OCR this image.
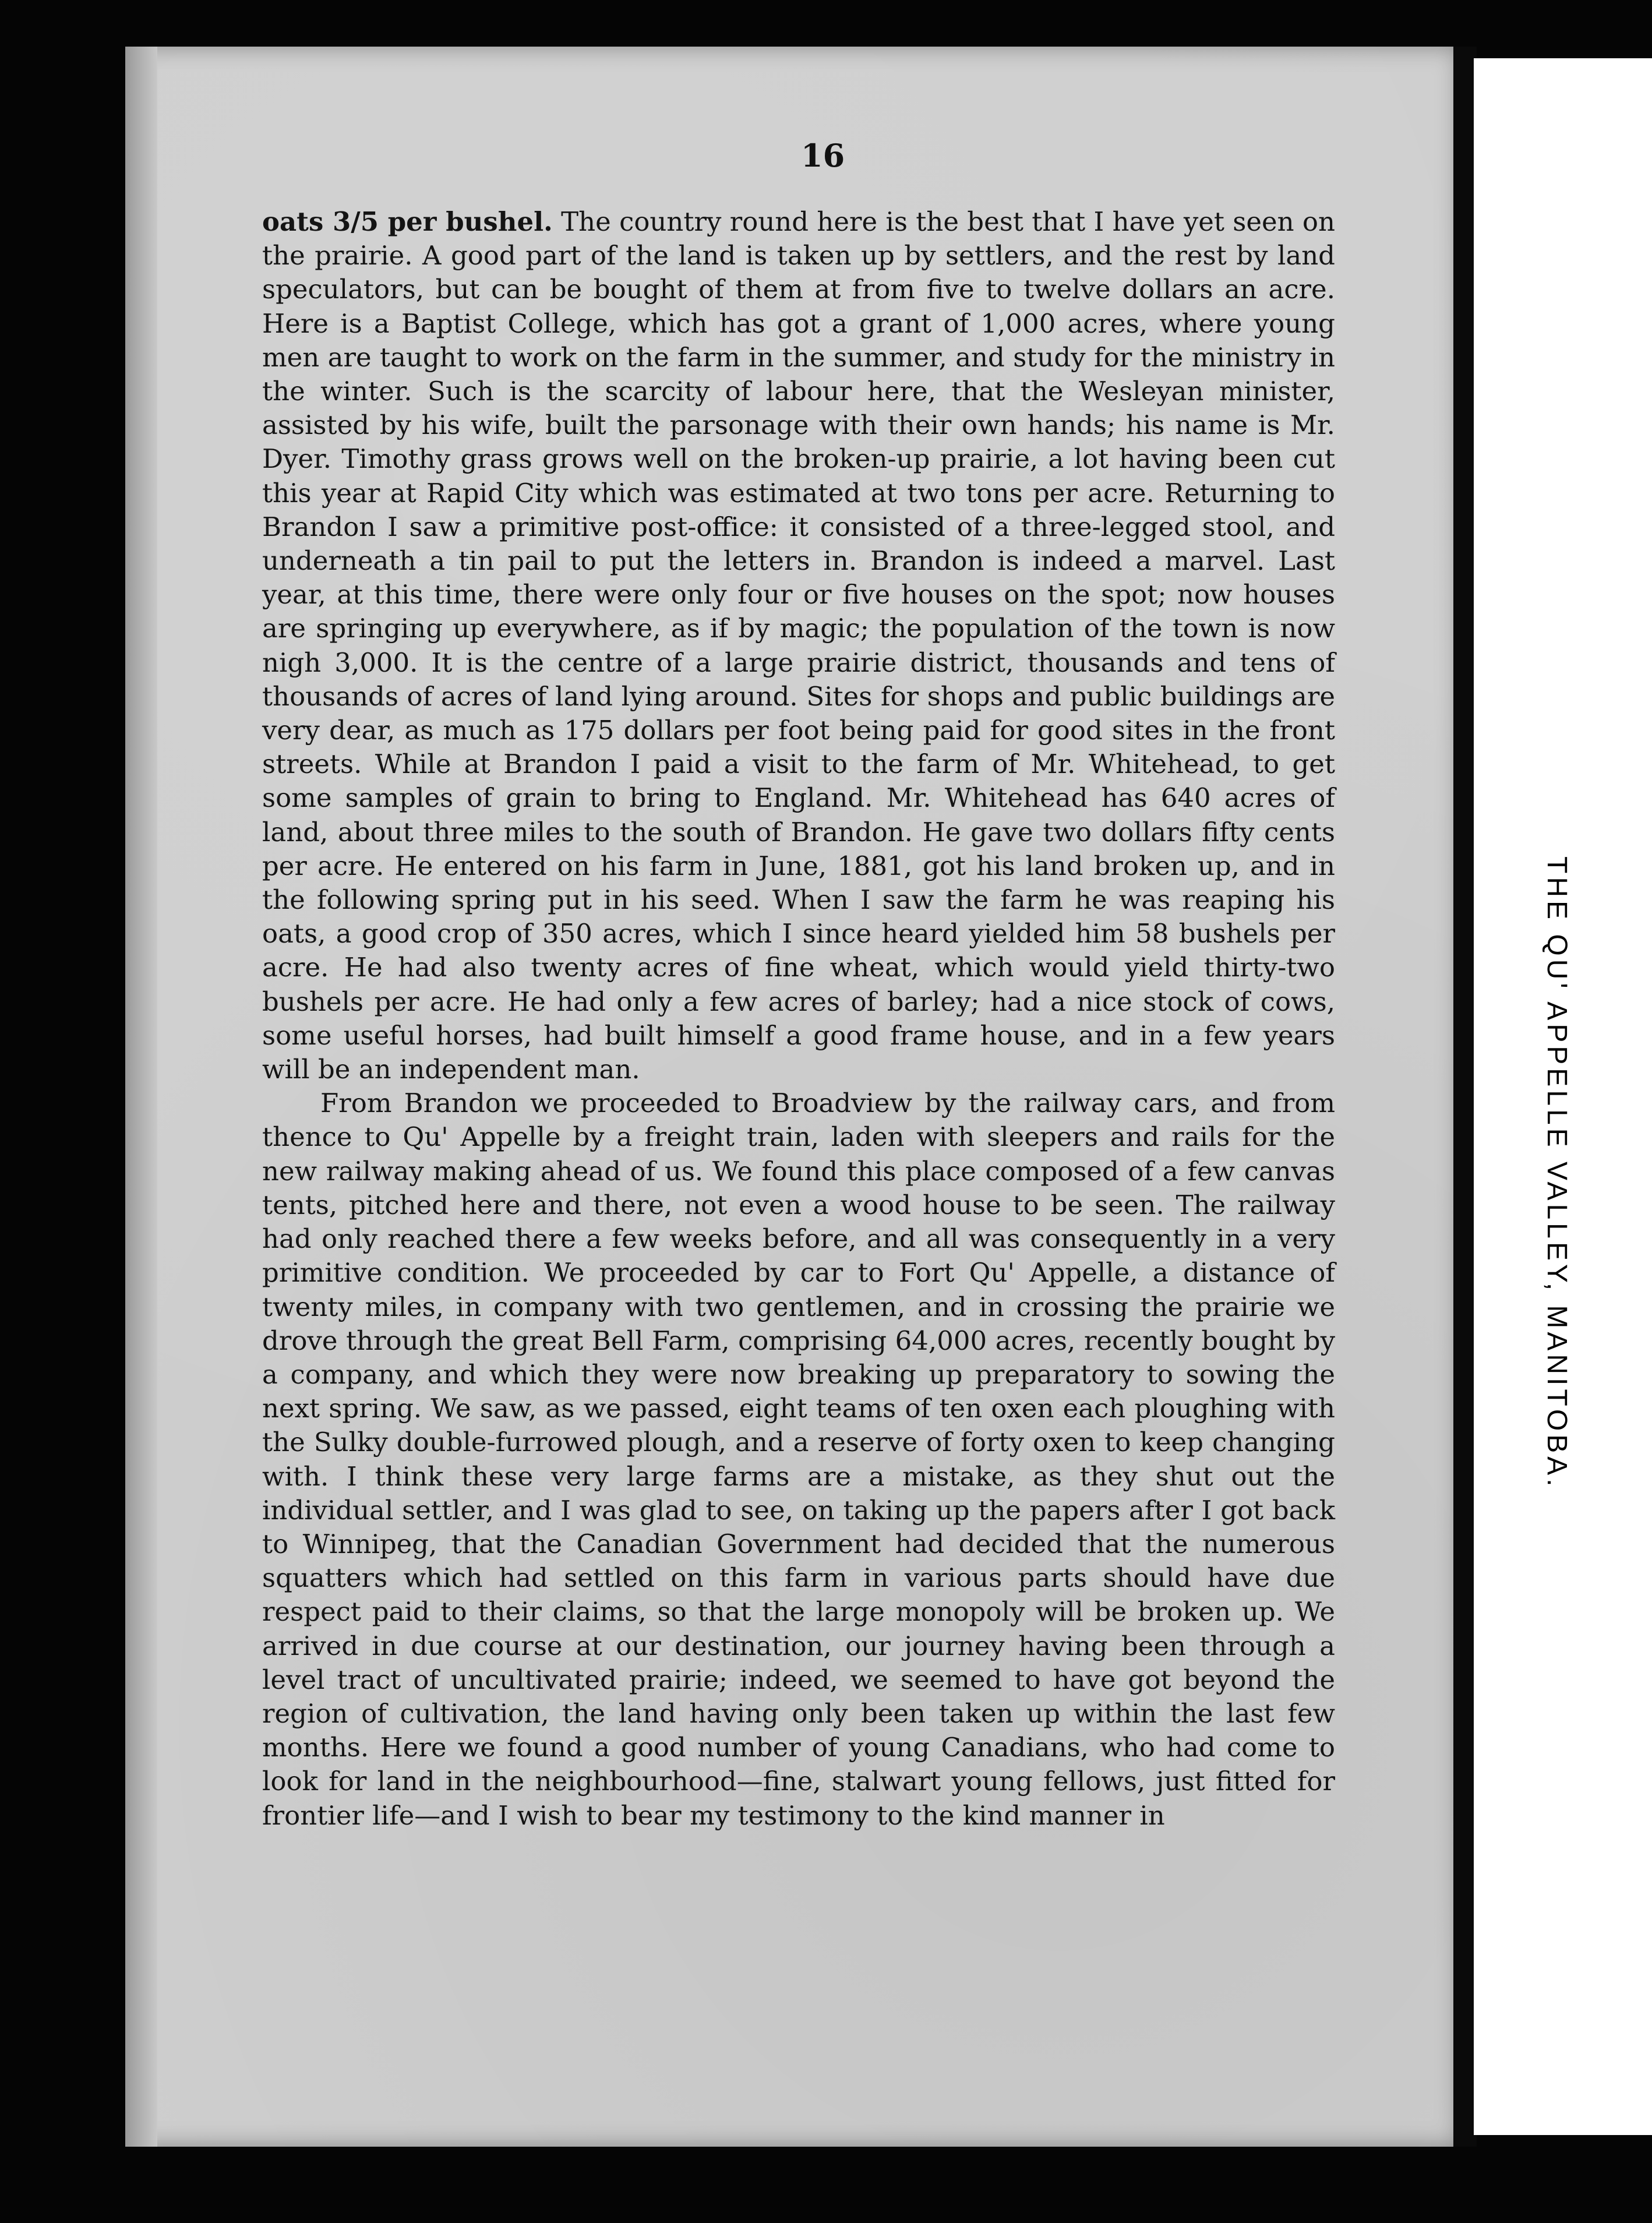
THE QU' APPELLE VALLEY, MANITOBA.
16

oats 3/5 per bushel. The country round here is the best that I have yet seen on the prairie. A good part of the land is taken up by settlers, and the rest by land speculators, but can be bought of them at from five to twelve dollars an acre. Here is a Baptist College, which has got a grant of 1,000 acres, where young men are taught to work on the farm in the summer, and study for the ministry in the winter. Such is the scarcity of labour here, that the Wesleyan minister, assisted by his wife, built the parsonage with their own hands; his name is Mr. Dyer. Timothy grass grows well on the broken-up prairie, a lot having been cut this year at Rapid City which was estimated at two tons per acre. Returning to Brandon I saw a primitive post-office: it consisted of a three-legged stool, and underneath a tin pail to put the letters in. Brandon is indeed a marvel. Last year, at this time, there were only four or five houses on the spot; now houses are springing up everywhere, as if by magic; the population of the town is now nigh 3,000. It is the centre of a large prairie district, thousands and tens of thousands of acres of land lying around. Sites for shops and public buildings are very dear, as much as 175 dollars per foot being paid for good sites in the front streets. While at Brandon I paid a visit to the farm of Mr. Whitehead, to get some samples of grain to bring to England. Mr. Whitehead has 640 acres of land, about three miles to the south of Brandon. He gave two dollars fifty cents per acre. He entered on his farm in June, 1881, got his land broken up, and in the following spring put in his seed. When I saw the farm he was reaping his oats, a good crop of 350 acres, which I since heard yielded him 58 bushels per acre. He had also twenty acres of fine wheat, which would yield thirty-two bushels per acre. He had only a few acres of barley; had a nice stock of cows, some useful horses, had built himself a good frame house, and in a few years will be an independent man.

From Brandon we proceeded to Broadview by the railway cars, and from thence to Qu' Appelle by a freight train, laden with sleepers and rails for the new railway making ahead of us. We found this place composed of a few canvas tents, pitched here and there, not even a wood house to be seen. The railway had only reached there a few weeks before, and all was consequently in a very primitive condition. We proceeded by car to Fort Qu' Appelle, a distance of twenty miles, in company with two gentlemen, and in crossing the prairie we drove through the great Bell Farm, comprising 64,000 acres, recently bought by a company, and which they were now breaking up preparatory to sowing the next spring. We saw, as we passed, eight teams of ten oxen each ploughing with the Sulky double-furrowed plough, and a reserve of forty oxen to keep changing with. I think these very large farms are a mistake, as they shut out the individual settler, and I was glad to see, on taking up the papers after I got back to Winnipeg, that the Canadian Government had decided that the numerous squatters which had settled on this farm in various parts should have due respect paid to their claims, so that the large monopoly will be broken up. We arrived in due course at our destination, our journey having been through a level tract of uncultivated prairie; indeed, we seemed to have got beyond the region of cultivation, the land having only been taken up within the last few months. Here we found a good number of young Canadians, who had come to look for land in the neighbourhood—fine, stalwart young fellows, just fitted for frontier life—and I wish to bear my testimony to the kind manner in
